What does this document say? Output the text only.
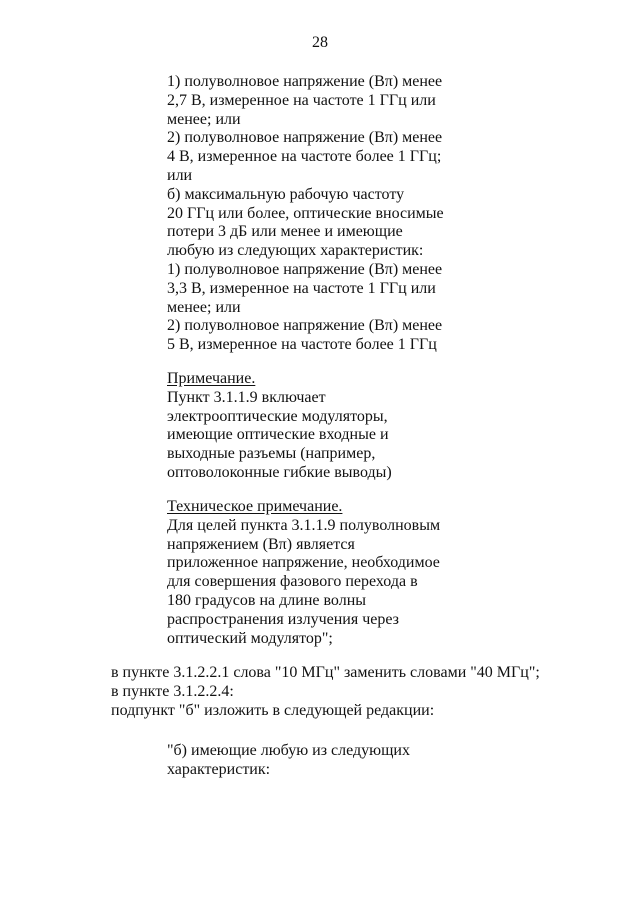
28
1) полуволновое напряжение (Вπ) менее
2,7 В, измеренное на частоте 1 ГГц или
менее; или
2) полуволновое напряжение (Вπ) менее
4 В, измеренное на частоте более 1 ГГц;
или
б) максимальную рабочую частоту
20 ГГц или более, оптические вносимые
потери 3 дБ или менее и имеющие
любую из следующих характеристик:
1) полуволновое напряжение (Вπ) менее
3,3 В, измеренное на частоте 1 ГГц или
менее; или
2) полуволновое напряжение (Вπ) менее
5 В, измеренное на частоте более 1 ГГц
Примечание.
Пункт 3.1.1.9 включает
электрооптические модуляторы,
имеющие оптические входные и
выходные разъемы (например,
оптоволоконные гибкие выводы)
Техническое примечание.
Для целей пункта 3.1.1.9 полуволновым
напряжением (Вπ) является
приложенное напряжение, необходимое
для совершения фазового перехода в
180 градусов на длине волны
распространения излучения через
оптический модулятор";
в пункте 3.1.2.2.1 слова "10 МГц" заменить словами "40 МГц";
в пункте 3.1.2.2.4:
подпункт "б" изложить в следующей редакции:
"б) имеющие любую из следующих
характеристик:
